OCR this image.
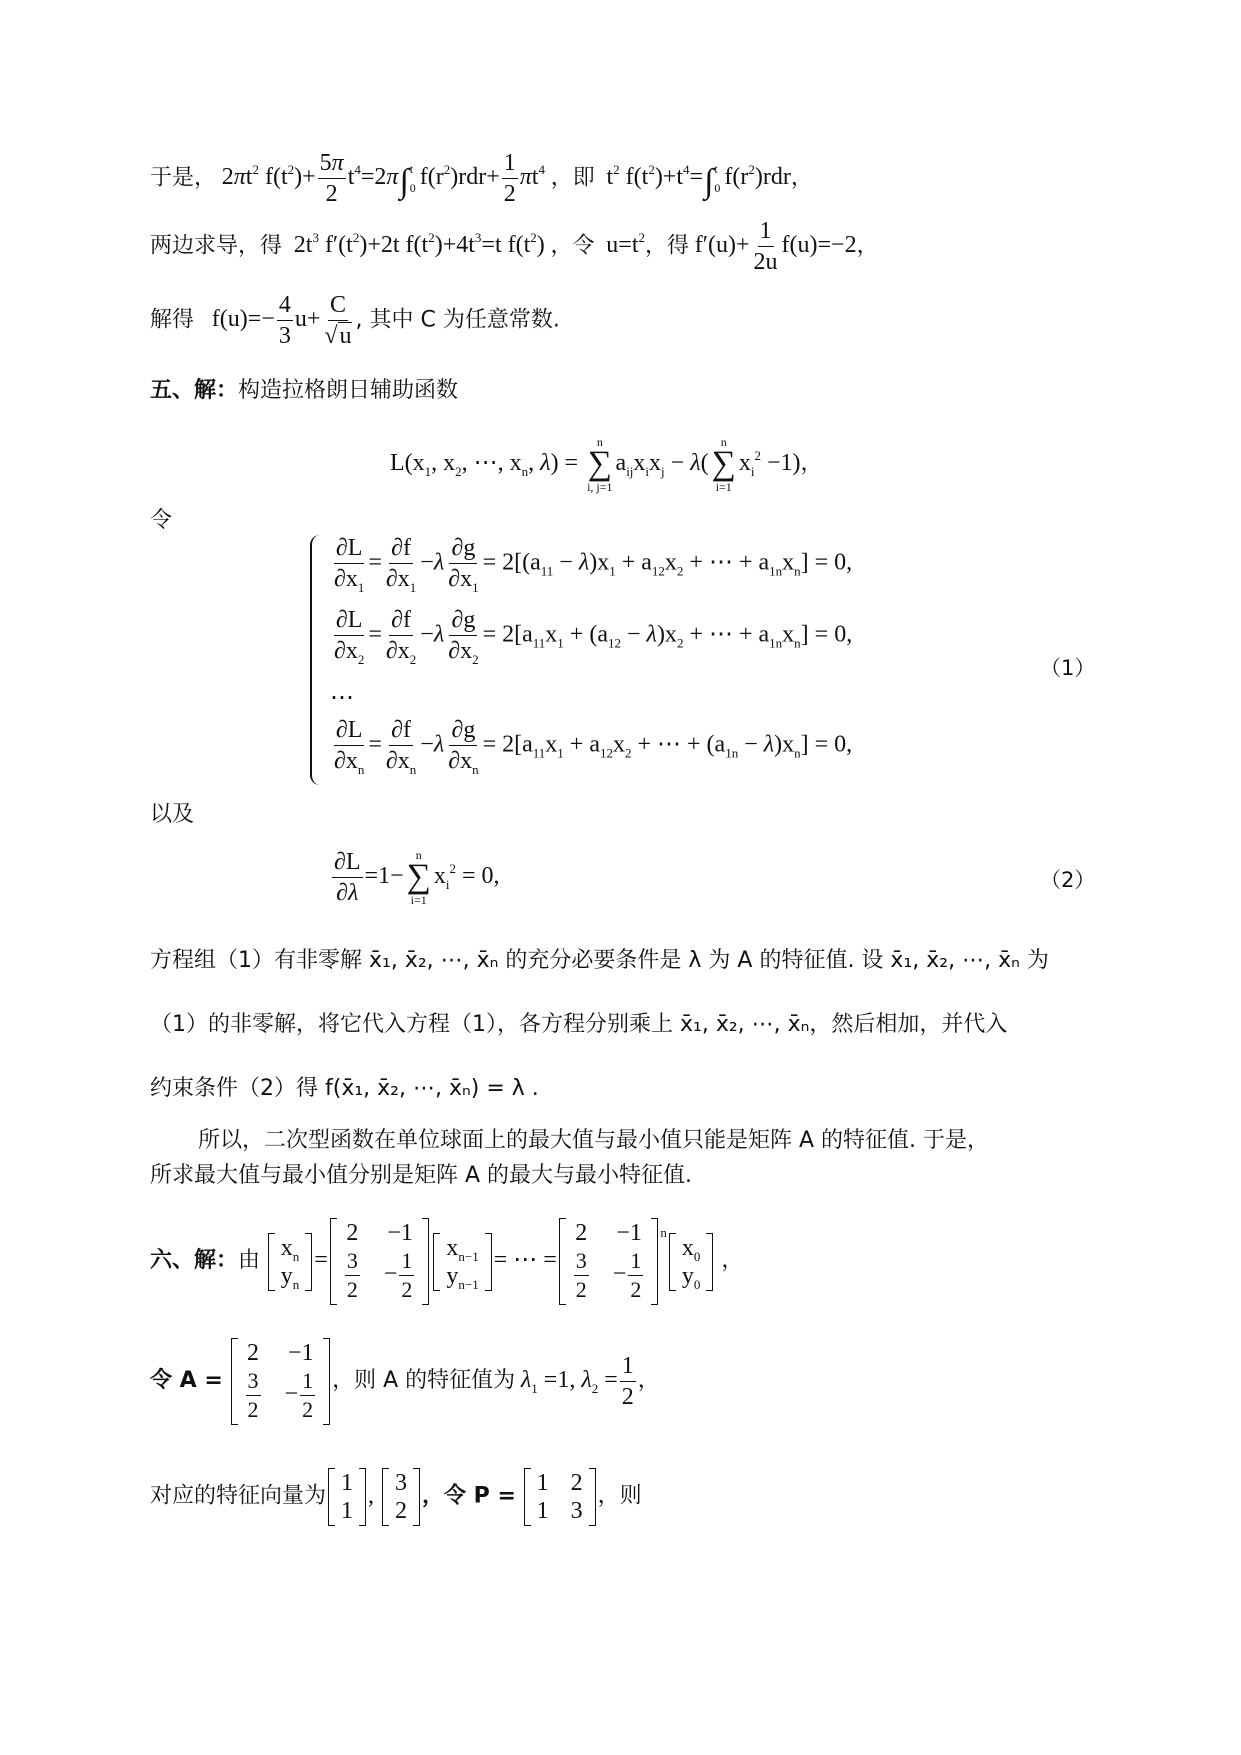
于是， $2\pi t^2$ $f(t^2)+ \frac{5\pi}{2} t^4=2\pi\int$ t
0 $f(r^2)rdr+ \frac{1}{2} \pi t^4$ ，即  $t^2$ $f(t^2)+t^4=\int$ t
0 $f(r^2)rdr$，
两边求导，得  $2t^3$ $f'(t^2)+2t$ $f(t^2)+4t^3=t$ $f(t^2)$ ，令  $u=t^2$，得 $f'(u)+ \frac{1}{2u} f(u)=-2$，
解得   $f(u)=- \frac{4}{3} u+ \frac{C}{√u}$ , 其中 C 为任意常数.
五、解：构造拉格朗日辅助函数
$L(x_1$, $x_2$, ⋯, $x_n$, λ) =
n
∑
i, j=1
$a_{ij}x_ix_j - \lambda$(
n
∑
i=1
$x_i^2 -1$)，
令
$\frac{\partial L}{\partial x_1} = \frac{\partial f}{\partial x_1} -\lambda \frac{\partial g}{\partial x_1} = 2[(a_{11} - \lambda)x_1 + a_{12}x_2$ + ⋯ + $a_{1n}x_n] = 0$,
$\frac{\partial L}{\partial x_2} = \frac{\partial f}{\partial x_2} -\lambda \frac{\partial g}{\partial x_2} = 2[a_{11}x_1 + (a_{12} - \lambda)x_2$ + ⋯ + $a_{1n}x_n] = 0$,
⋯
$\frac{\partial L}{\partial x_n} = \frac{\partial f}{\partial x_n} -\lambda \frac{\partial g}{\partial x_n} = 2[a_{11}x_1 + a_{12}x_2$ + ⋯ + $(a_{1n} - \lambda)x_n] = 0$,
（1）
以及
$\frac{\partial L}{\partial\lambda} =1-$
n
∑
i=1
$x_i^2 = 0$,	（2）
方程组（1）有非零解 x̄₁, x̄₂, ⋯, x̄ₙ 的充分必要条件是 λ 为 A 的特征值. 设 x̄₁, x̄₂, ⋯, x̄ₙ 为
（1）的非零解，将它代入方程（1），各方程分别乘上 x̄₁, x̄₂, ⋯, x̄ₙ，然后相加，并代入
约束条件（2）得 f(x̄₁, x̄₂, ⋯, x̄ₙ) = λ .
所以，二次型函数在单位球面上的最大值与最小值只能是矩阵 A 的特征值. 于是，
所求最大值与最小值分别是矩阵 A 的最大与最小特征值.
六、解：由
$x_n$
$y_n$
=
2 −1
$\frac{3}{2} - \frac{1}{2}$
$x_{n-1}$
$y_{n-1}$
= ⋯ =
2 −1
$\frac{3}{2} - \frac{1}{2}$
$^n$
$x_0$
$y_0$
，
令 A =
2 −1
$\frac{3}{2} - \frac{1}{2}$ ，则 A 的特征值为 $\lambda_1 =1$, $\lambda_2 = \frac{1}{2}$ ，
对应的特征向量为
1
1
, 3
2
，令 P =
1 2
1 3
，则
